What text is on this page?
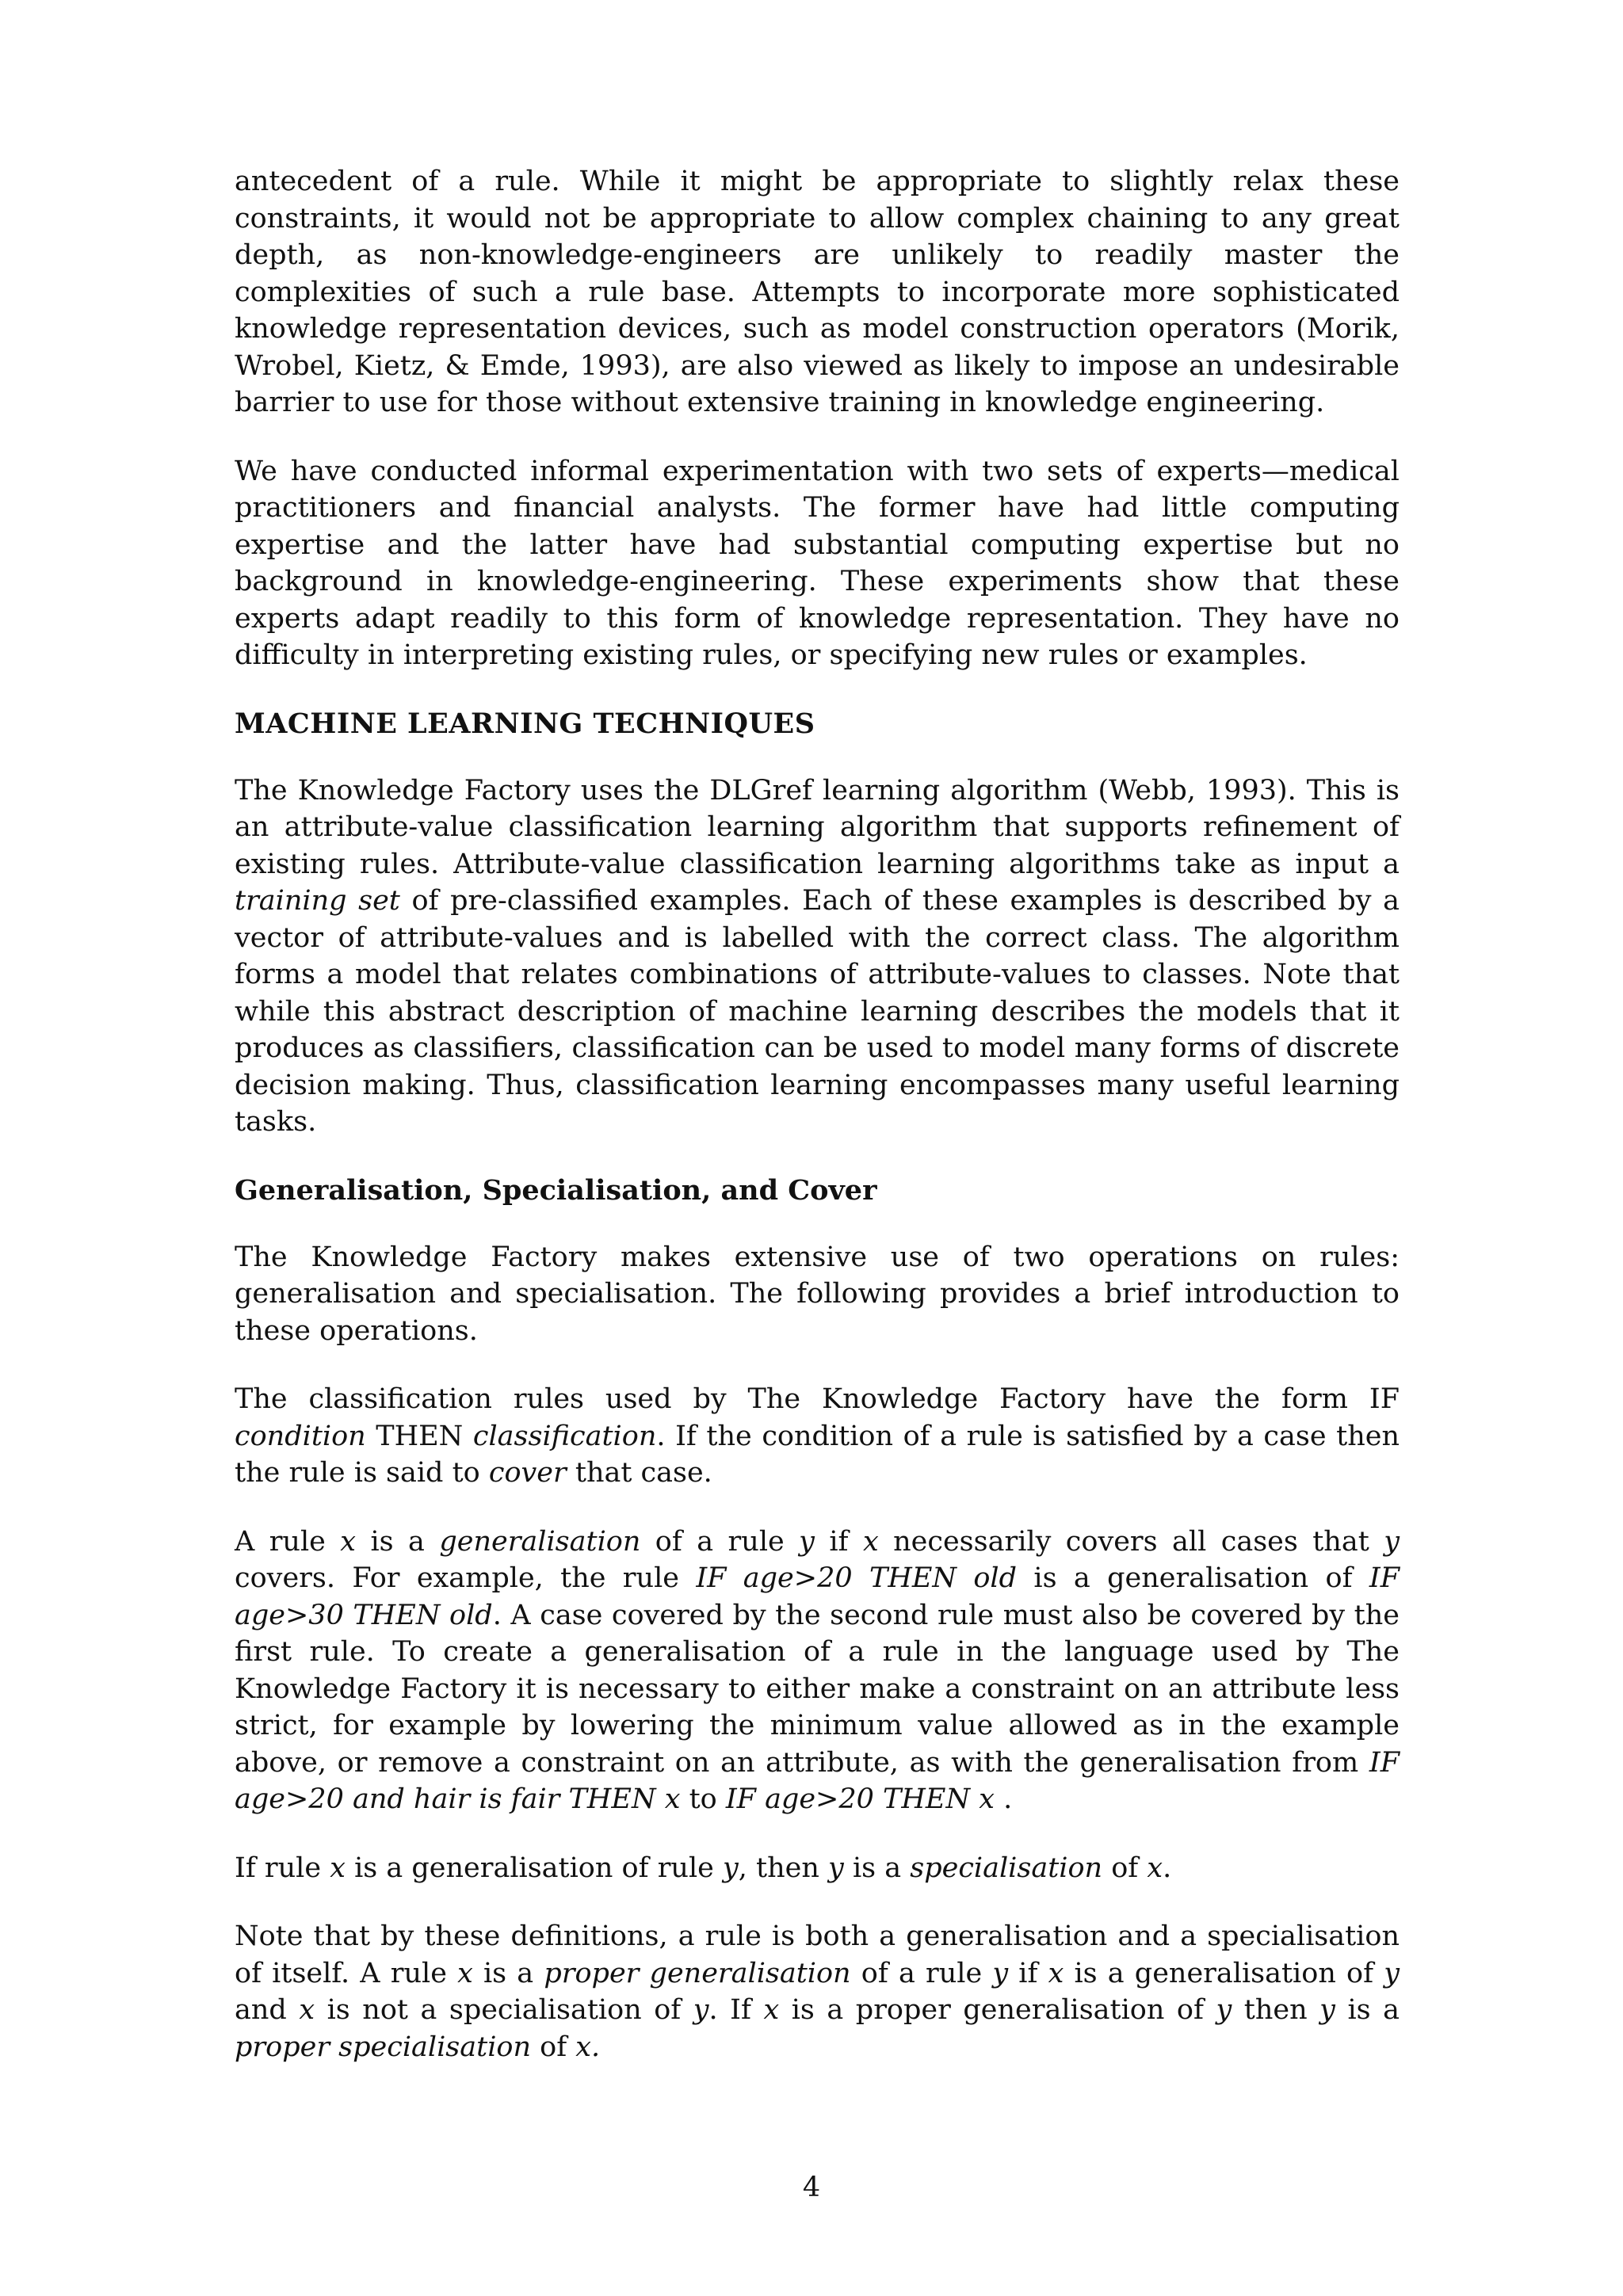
antecedent of a rule. While it might be appropriate to slightly relax these constraints, it would not be appropriate to allow complex chaining to any great depth, as non-knowledge-engineers are unlikely to readily master the complexities of such a rule base. Attempts to incorporate more sophisticated knowledge representation devices, such as model construction operators (Morik, Wrobel, Kietz, & Emde, 1993), are also viewed as likely to impose an undesirable barrier to use for those without extensive training in knowledge engineering.

We have conducted informal experimentation with two sets of experts—medical practitioners and financial analysts. The former have had little computing expertise and the latter have had substantial computing expertise but no background in knowledge-engineering. These experiments show that these experts adapt readily to this form of knowledge representation. They have no difficulty in interpreting existing rules, or specifying new rules or examples.

MACHINE LEARNING TECHNIQUES

The Knowledge Factory uses the DLGref learning algorithm (Webb, 1993). This is an attribute-value classification learning algorithm that supports refinement of existing rules. Attribute-value classification learning algorithms take as input a training set of pre-classified examples. Each of these examples is described by a vector of attribute-values and is labelled with the correct class. The algorithm forms a model that relates combinations of attribute-values to classes. Note that while this abstract description of machine learning describes the models that it produces as classifiers, classification can be used to model many forms of discrete decision making. Thus, classification learning encompasses many useful learning tasks.

Generalisation, Specialisation, and Cover

The Knowledge Factory makes extensive use of two operations on rules: generalisation and specialisation. The following provides a brief introduction to these operations.

The classification rules used by The Knowledge Factory have the form IF condition THEN classification. If the condition of a rule is satisfied by a case then the rule is said to cover that case.

A rule x is a generalisation of a rule y if x necessarily covers all cases that y covers. For example, the rule IF age>20 THEN old is a generalisation of IF age>30 THEN old. A case covered by the second rule must also be covered by the first rule. To create a generalisation of a rule in the language used by The Knowledge Factory it is necessary to either make a constraint on an attribute less strict, for example by lowering the minimum value allowed as in the example above, or remove a constraint on an attribute, as with the generalisation from IF age>20 and hair is fair THEN x to IF age>20 THEN x .

If rule x is a generalisation of rule y, then y is a specialisation of x.

Note that by these definitions, a rule is both a generalisation and a specialisation of itself. A rule x is a proper generalisation of a rule y if x is a generalisation of y and x is not a specialisation of y. If x is a proper generalisation of y then y is a proper specialisation of x.

4
